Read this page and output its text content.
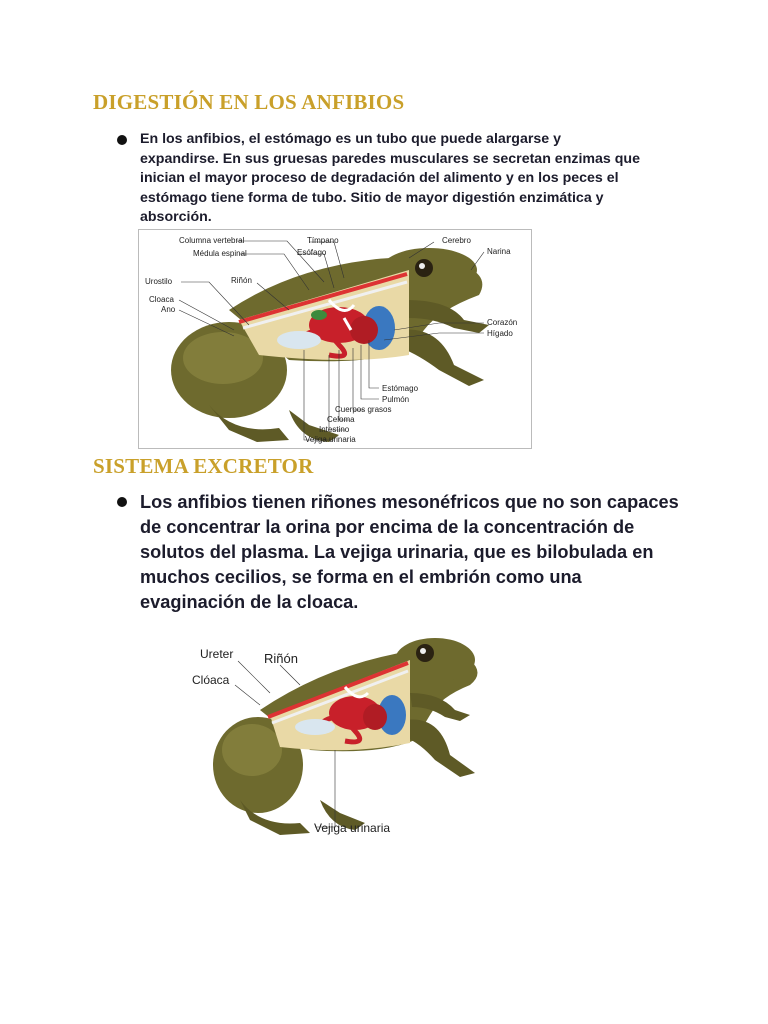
DIGESTIÓN EN LOS ANFIBIOS

En los anfibios, el estómago es un tubo que puede alargarse y expandirse. En sus gruesas paredes musculares se secretan enzimas que inician el mayor proceso de degradación del alimento y en los peces el estómago tiene forma de tubo. Sitio de mayor digestión enzimática y absorción.

Columna vertebral
Médula espinal
Tímpano
Esófago
Cerebro
Narina
Urostilo	Riñón
Cloaca
Ano
Corazón
Hígado
Estómago
Pulmón
Cuerpos grasos
Celoma
Intestino
Vejiga urinaria
SISTEMA EXCRETOR

Los anfibios tienen riñones mesonéfricos que no son capaces de concentrar la orina por encima de la concentración de solutos del plasma. La vejiga urinaria, que es bilobulada en muchos cecilios, se forma en el embrión como una evaginación de la cloaca.

Ureter Riñón
Clóaca
Vejiga urinaria
